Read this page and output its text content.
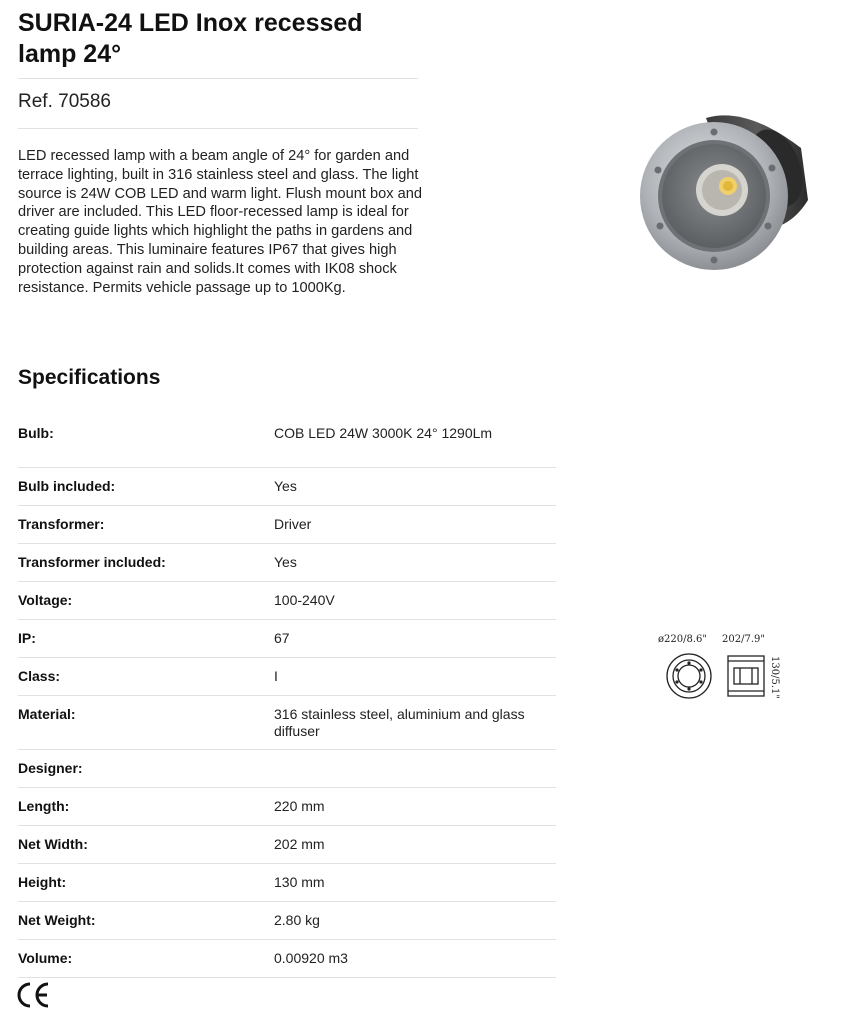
SURIA-24 LED Inox recessed lamp 24°
Ref. 70586

LED recessed lamp with a beam angle of 24° for garden and terrace lighting, built in 316 stainless steel and glass. The light source is 24W COB LED and warm light. Flush mount box and driver are included. This LED floor-recessed lamp is ideal for creating guide lights which highlight the paths in gardens and building areas. This luminaire features IP67 that gives high protection against rain and solids.It comes with IK08 shock resistance. Permits vehicle passage up to 1000Kg.

ø220/8.6" 202/7.9"
130/5.1"
Specifications
Bulb:	COB LED 24W 3000K 24° 1290Lm
Bulb included:	Yes
Transformer:	Driver
Transformer included:	Yes
Voltage:	100-240V
IP:	67
Class:	I
Material:	316 stainless steel, aluminium and glass diffuser
Designer:
Length:	220 mm
Net Width:	202 mm
Height:	130 mm
Net Weight:	2.80 kg
Volume:	0.00920 m3
